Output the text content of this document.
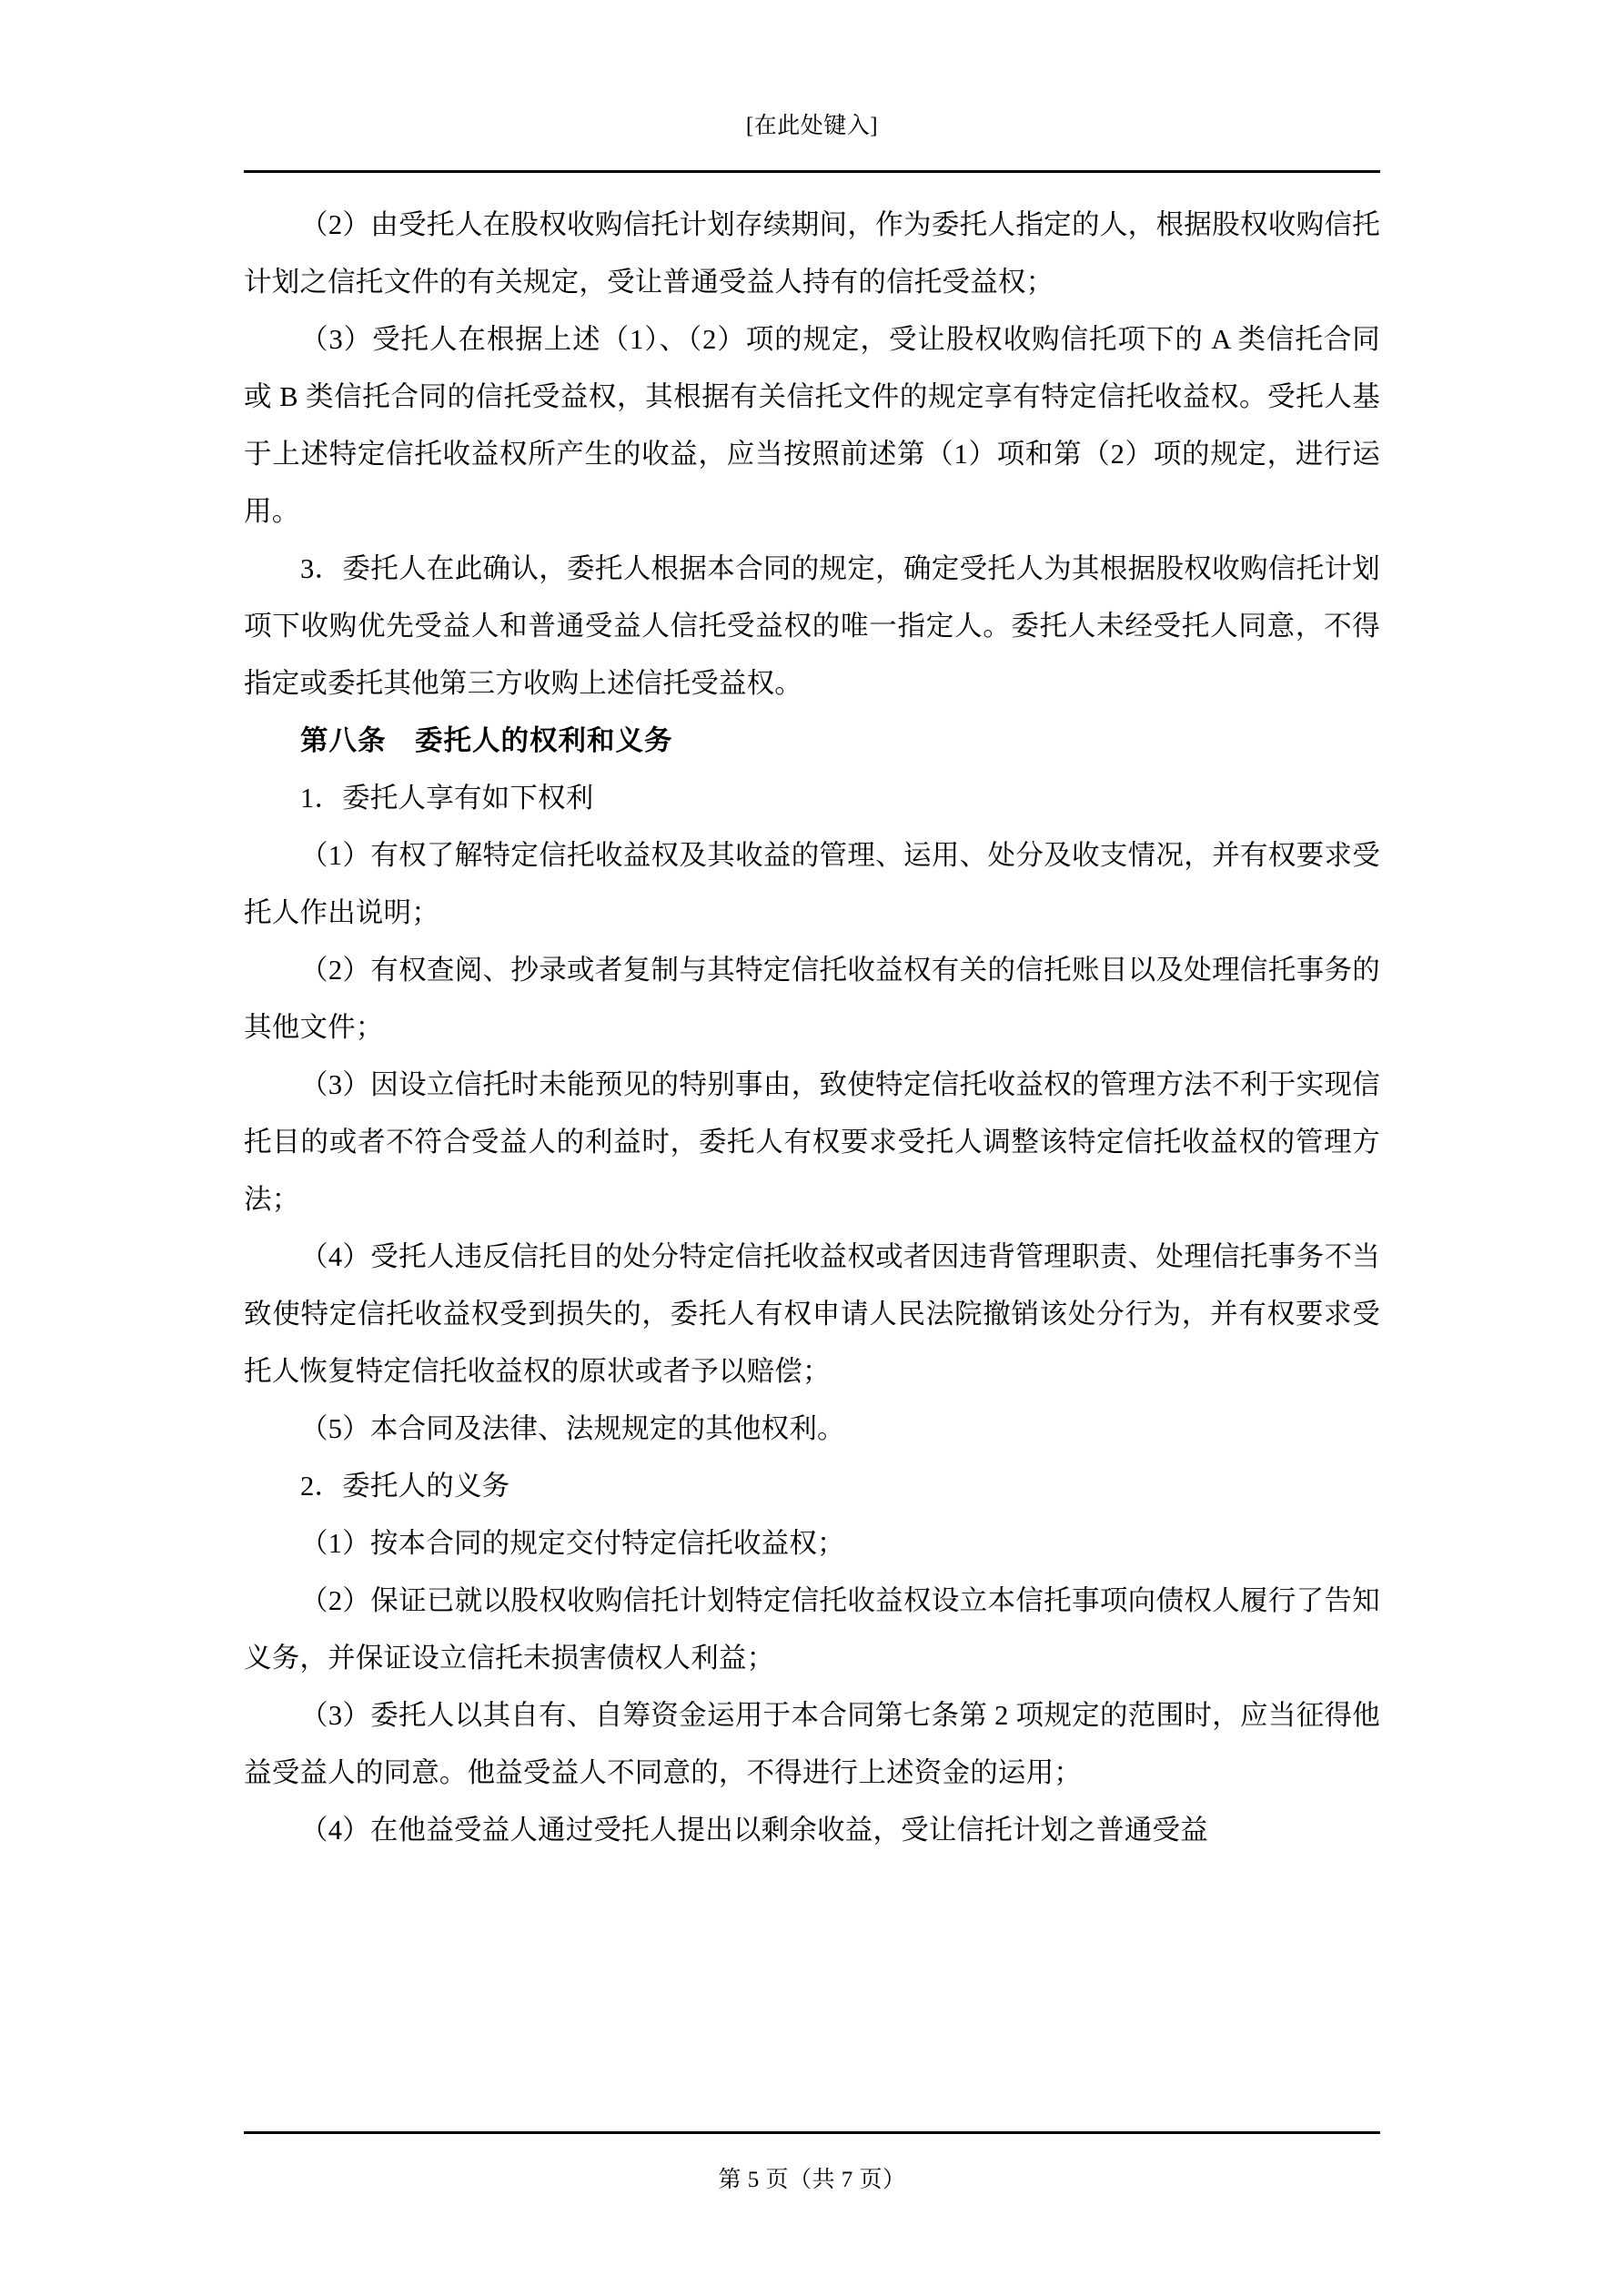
[在此处键入]

（2）由受托人在股权收购信托计划存续期间，作为委托人指定的人，根据股权收购信托计划之信托文件的有关规定，受让普通受益人持有的信托受益权；

（3）受托人在根据上述（1）、（2）项的规定，受让股权收购信托项下的 A 类信托合同或 B 类信托合同的信托受益权，其根据有关信托文件的规定享有特定信托收益权。受托人基于上述特定信托收益权所产生的收益，应当按照前述第（1）项和第（2）项的规定，进行运用。

3．委托人在此确认，委托人根据本合同的规定，确定受托人为其根据股权收购信托计划项下收购优先受益人和普通受益人信托受益权的唯一指定人。委托人未经受托人同意，不得指定或委托其他第三方收购上述信托受益权。

第八条　委托人的权利和义务

1．委托人享有如下权利

（1）有权了解特定信托收益权及其收益的管理、运用、处分及收支情况，并有权要求受托人作出说明；

（2）有权查阅、抄录或者复制与其特定信托收益权有关的信托账目以及处理信托事务的其他文件；

（3）因设立信托时未能预见的特别事由，致使特定信托收益权的管理方法不利于实现信托目的或者不符合受益人的利益时，委托人有权要求受托人调整该特定信托收益权的管理方法；

（4）受托人违反信托目的处分特定信托收益权或者因违背管理职责、处理信托事务不当致使特定信托收益权受到损失的，委托人有权申请人民法院撤销该处分行为，并有权要求受托人恢复特定信托收益权的原状或者予以赔偿；

（5）本合同及法律、法规规定的其他权利。

2．委托人的义务

（1）按本合同的规定交付特定信托收益权；

（2）保证已就以股权收购信托计划特定信托收益权设立本信托事项向债权人履行了告知义务，并保证设立信托未损害债权人利益；

（3）委托人以其自有、自筹资金运用于本合同第七条第 2 项规定的范围时，应当征得他益受益人的同意。他益受益人不同意的，不得进行上述资金的运用；

（4）在他益受益人通过受托人提出以剩余收益，受让信托计划之普通受益

第 5 页（共 7 页）
